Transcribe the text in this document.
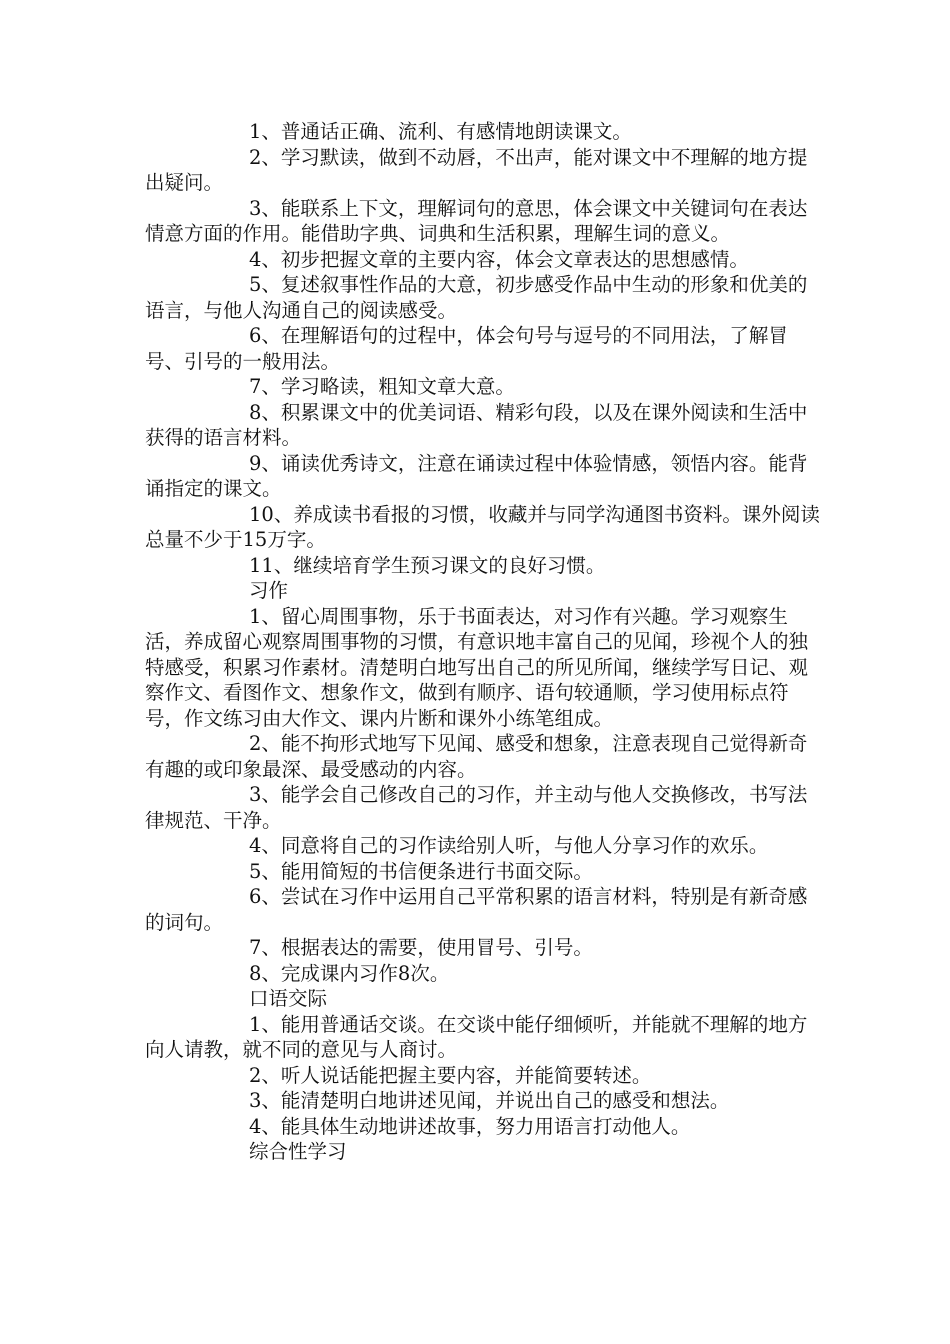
1、普通话正确、流利、有感情地朗读课文。

2、学习默读，做到不动唇，不出声，能对课文中不理解的地方提出疑问。

3、能联系上下文，理解词句的意思，体会课文中关键词句在表达情意方面的作用。能借助字典、词典和生活积累，理解生词的意义。

4、初步把握文章的主要内容，体会文章表达的思想感情。

5、复述叙事性作品的大意，初步感受作品中生动的形象和优美的语言，与他人沟通自己的阅读感受。

6、在理解语句的过程中，体会句号与逗号的不同用法，了解冒号、引号的一般用法。

7、学习略读，粗知文章大意。

8、积累课文中的优美词语、精彩句段，以及在课外阅读和生活中获得的语言材料。

9、诵读优秀诗文，注意在诵读过程中体验情感，领悟内容。能背诵指定的课文。

10、养成读书看报的习惯，收藏并与同学沟通图书资料。课外阅读总量不少于15万字。

11、继续培育学生预习课文的良好习惯。

习作

1、留心周围事物，乐于书面表达，对习作有兴趣。学习观察生活，养成留心观察周围事物的习惯，有意识地丰富自己的见闻，珍视个人的独特感受，积累习作素材。清楚明白地写出自己的所见所闻，继续学写日记、观察作文、看图作文、想象作文，做到有顺序、语句较通顺，学习使用标点符号，作文练习由大作文、课内片断和课外小练笔组成。

2、能不拘形式地写下见闻、感受和想象，注意表现自己觉得新奇有趣的或印象最深、最受感动的内容。

3、能学会自己修改自己的习作，并主动与他人交换修改，书写法律规范、干净。

4、同意将自己的习作读给别人听，与他人分享习作的欢乐。

5、能用简短的书信便条进行书面交际。

6、尝试在习作中运用自己平常积累的语言材料，特别是有新奇感的词句。

7、根据表达的需要，使用冒号、引号。

8、完成课内习作8次。

口语交际

1、能用普通话交谈。在交谈中能仔细倾听，并能就不理解的地方向人请教，就不同的意见与人商讨。

2、听人说话能把握主要内容，并能简要转述。

3、能清楚明白地讲述见闻，并说出自己的感受和想法。

4、能具体生动地讲述故事，努力用语言打动他人。

综合性学习
